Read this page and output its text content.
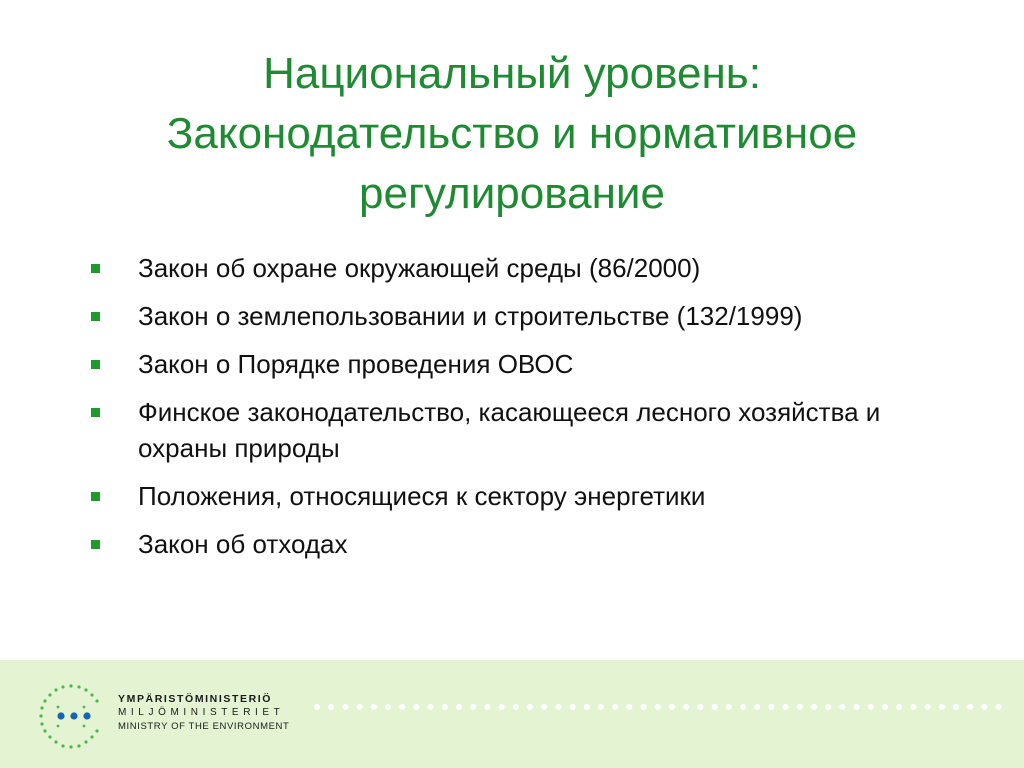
Национальный уровень:
Законодательство и нормативное
регулирование
Закон об охране окружающей среды (86/2000)
Закон о землепользовании и строительстве (132/1999)
Закон о Порядке проведения ОВОС
Финское законодательство, касающееся лесного хозяйства и охраны природы
Положения, относящиеся к сектору энергетики
Закон об отходах
YMPÄRISTÖMINISTERIÖ
MILJÖMINISTERIET
MINISTRY OF THE ENVIRONMENT
